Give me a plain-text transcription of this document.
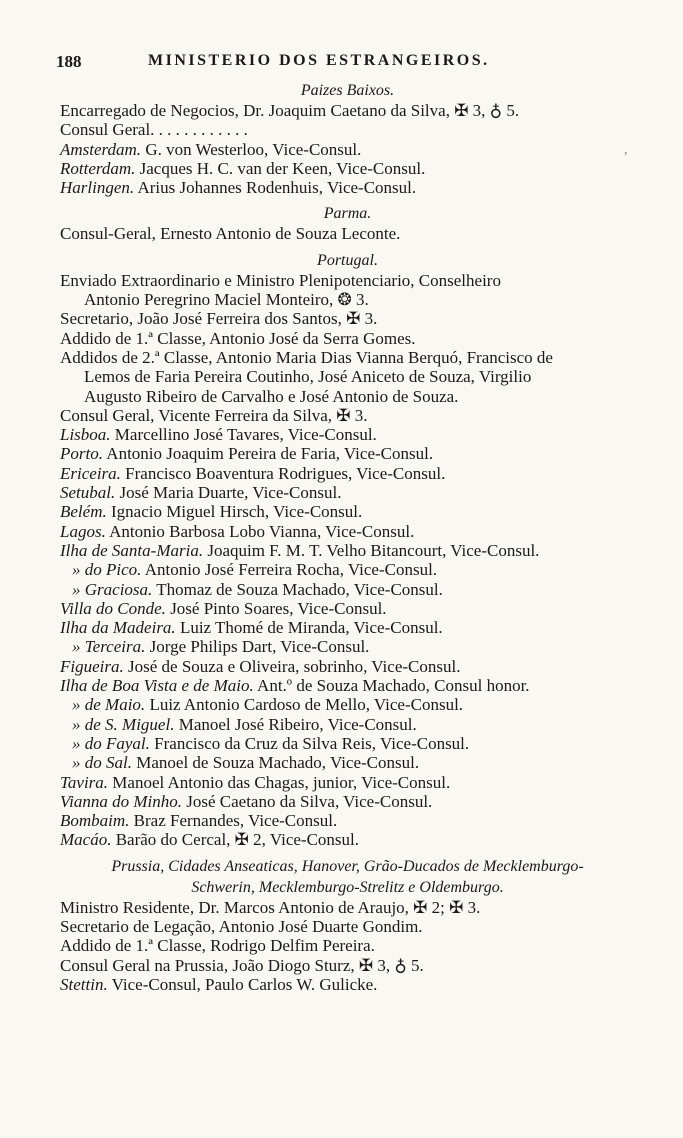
188	MINISTERIO DOS ESTRANGEIROS.
ʼ
Paizes Baixos.
Encarregado de Negocios, Dr. Joaquim Caetano da Silva, ✠ 3, ♁ 5.
Consul Geral. . . . . . . . . . . .
Amsterdam. G. von Westerloo, Vice-Consul.
Rotterdam. Jacques H. C. van der Keen, Vice-Consul.
Harlingen. Arius Johannes Rodenhuis, Vice-Consul.
Parma.
Consul-Geral, Ernesto Antonio de Souza Leconte.
Portugal.
Enviado Extraordinario e Ministro Plenipotenciario, Conselheiro
Antonio Peregrino Maciel Monteiro, ❂ 3.
Secretario, João José Ferreira dos Santos, ✠ 3.
Addido de 1.ª Classe, Antonio José da Serra Gomes.
Addidos de 2.ª Classe, Antonio Maria Dias Vianna Berquó, Francisco de
Lemos de Faria Pereira Coutinho, José Aniceto de Souza, Virgilio
Augusto Ribeiro de Carvalho e José Antonio de Souza.
Consul Geral, Vicente Ferreira da Silva, ✠ 3.
Lisboa. Marcellino José Tavares, Vice-Consul.
Porto. Antonio Joaquim Pereira de Faria, Vice-Consul.
Ericeira. Francisco Boaventura Rodrigues, Vice-Consul.
Setubal. José Maria Duarte, Vice-Consul.
Belém. Ignacio Miguel Hirsch, Vice-Consul.
Lagos. Antonio Barbosa Lobo Vianna, Vice-Consul.
Ilha de Santa-Maria. Joaquim F. M. T. Velho Bitancourt, Vice-Consul.
» do Pico. Antonio José Ferreira Rocha, Vice-Consul.
» Graciosa. Thomaz de Souza Machado, Vice-Consul.
Villa do Conde. José Pinto Soares, Vice-Consul.
Ilha da Madeira. Luiz Thomé de Miranda, Vice-Consul.
» Terceira. Jorge Philips Dart, Vice-Consul.
Figueira. José de Souza e Oliveira, sobrinho, Vice-Consul.
Ilha de Boa Vista e de Maio. Ant.º de Souza Machado, Consul honor.
» de Maio. Luiz Antonio Cardoso de Mello, Vice-Consul.
» de S. Miguel. Manoel José Ribeiro, Vice-Consul.
» do Fayal. Francisco da Cruz da Silva Reis, Vice-Consul.
» do Sal. Manoel de Souza Machado, Vice-Consul.
Tavira. Manoel Antonio das Chagas, junior, Vice-Consul.
Vianna do Minho. José Caetano da Silva, Vice-Consul.
Bombaim. Braz Fernandes, Vice-Consul.
Macáo. Barão do Cercal, ✠ 2, Vice-Consul.
Prussia, Cidades Anseaticas, Hanover, Grão-Ducados de Mecklemburgo-
Schwerin, Mecklemburgo-Strelitz e Oldemburgo.
Ministro Residente, Dr. Marcos Antonio de Araujo, ✠ 2; ✠ 3.
Secretario de Legação, Antonio José Duarte Gondim.
Addido de 1.ª Classe, Rodrigo Delfim Pereira.
Consul Geral na Prussia, João Diogo Sturz, ✠ 3, ♁ 5.
Stettin. Vice-Consul, Paulo Carlos W. Gulicke.
